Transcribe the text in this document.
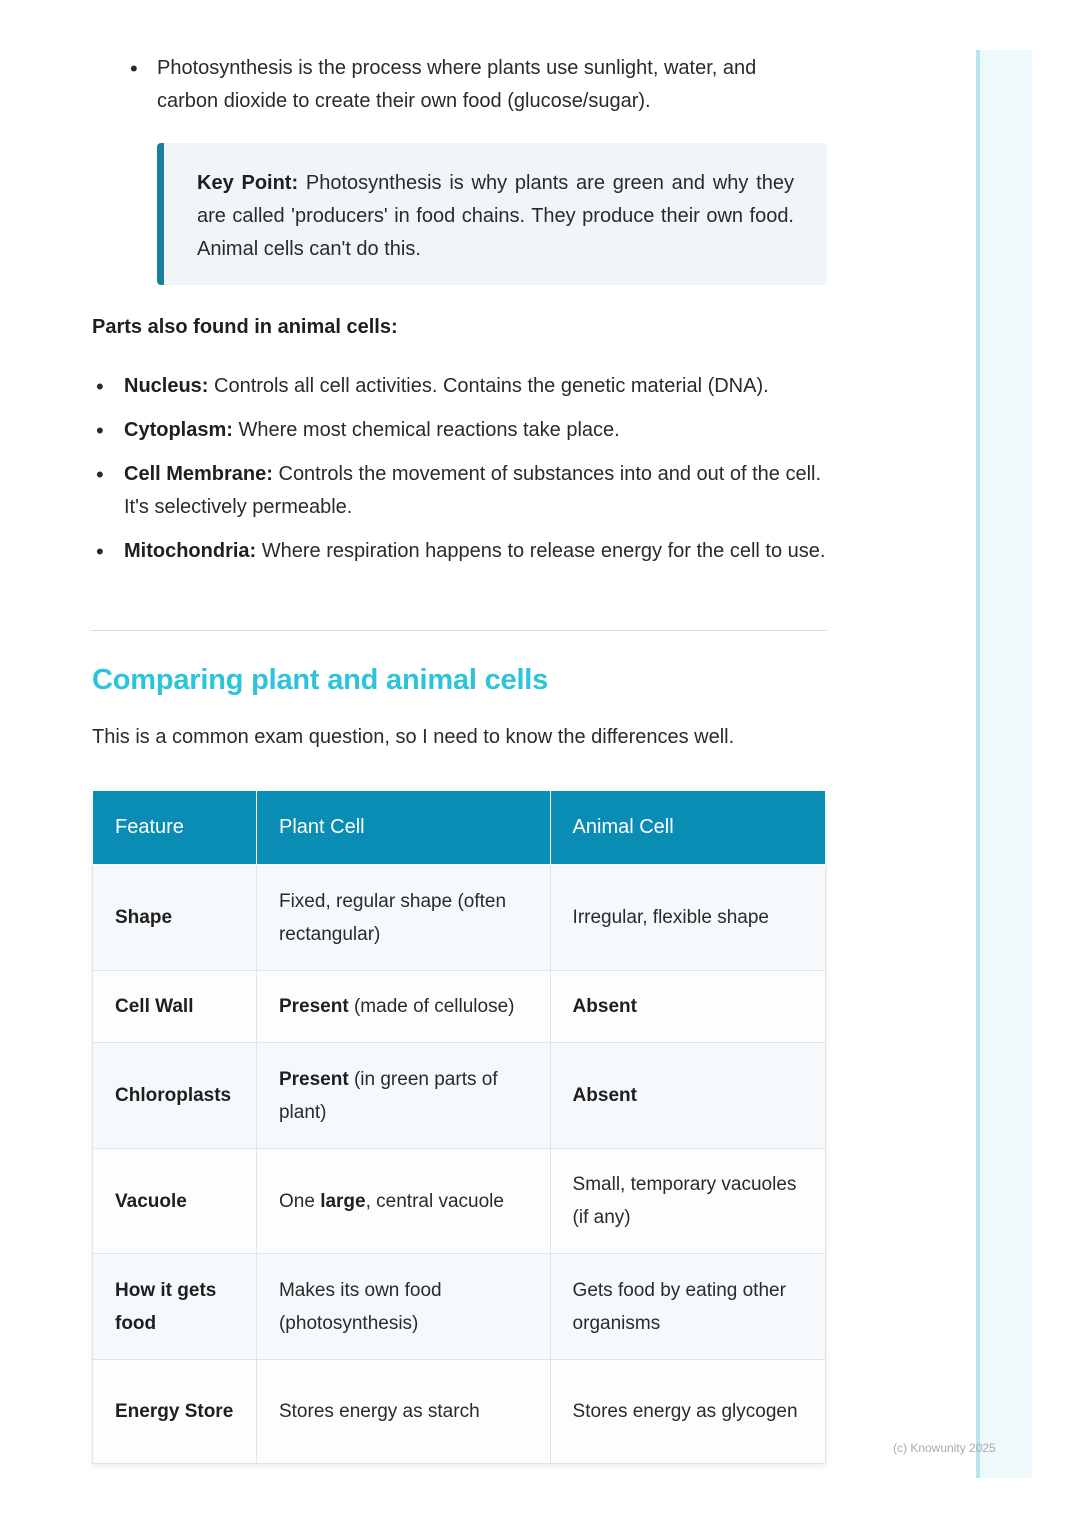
(c) Knowunity 2025
• Photosynthesis is the process where plants use sunlight, water, and carbon dioxide to create their own food (glucose/sugar).
Key Point: Photosynthesis is why plants are green and why they are called 'producers' in food chains. They produce their own food. Animal cells can't do this.
Parts also found in animal cells:
• Nucleus: Controls all cell activities. Contains the genetic material (DNA).
• Cytoplasm: Where most chemical reactions take place.
• Cell Membrane: Controls the movement of substances into and out of the cell. It's selectively permeable.
• Mitochondria: Where respiration happens to release energy for the cell to use.
Comparing plant and animal cells

This is a common exam question, so I need to know the differences well.

Feature	Plant Cell	Animal Cell
Shape	Fixed, regular shape (often rectangular)	Irregular, flexible shape
Cell Wall	Present (made of cellulose)	Absent
Chloroplasts	Present (in green parts of plant)	Absent
Vacuole	One large, central vacuole	Small, temporary vacuoles (if any)
How it gets food	Makes its own food (photosynthesis)	Gets food by eating other organisms
Energy Store	Stores energy as starch	Stores energy as glycogen
